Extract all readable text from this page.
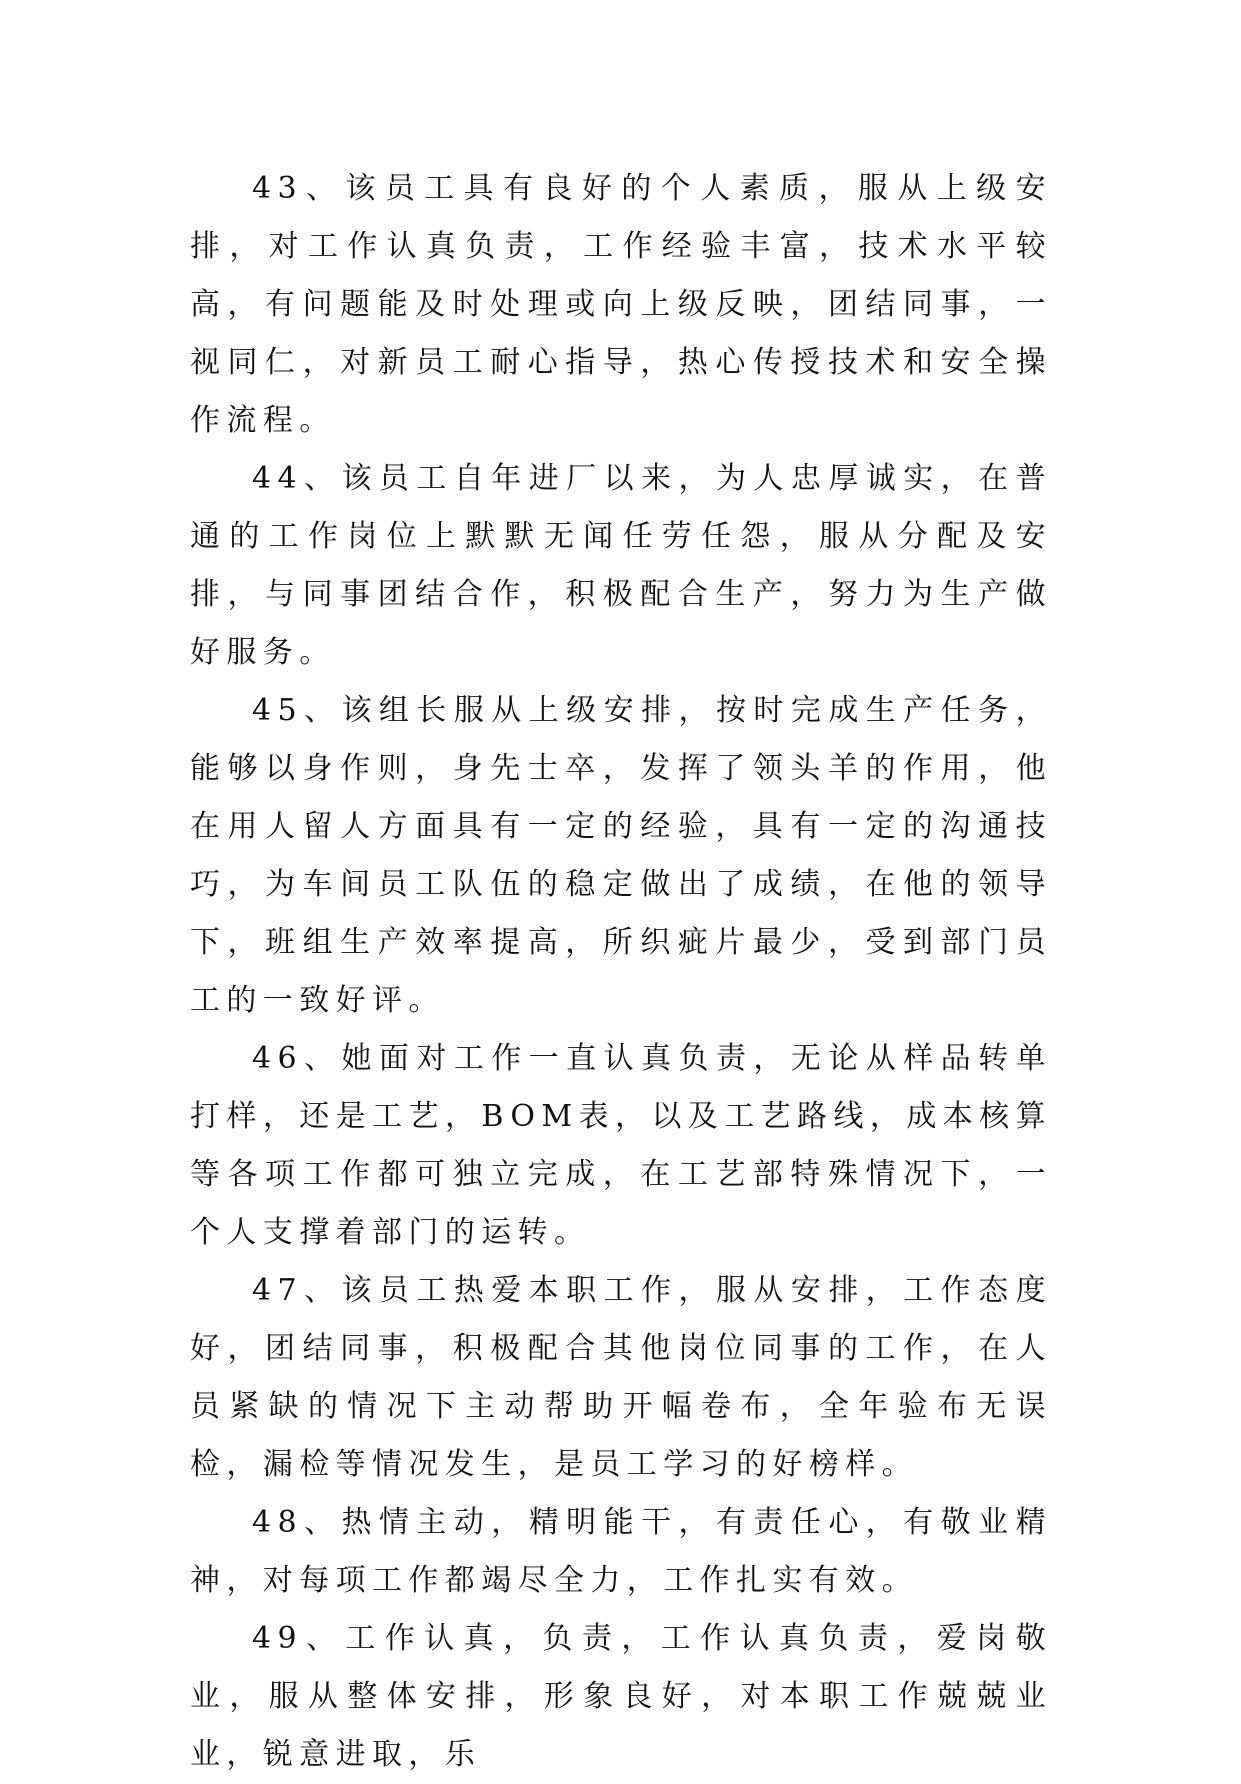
43、该员工具有良好的个人素质，服从上级安排，对工作认真负责，工作经验丰富，技术水平较高，有问题能及时处理或向上级反映，团结同事，一视同仁，对新员工耐心指导，热心传授技术和安全操作流程。

44、该员工自年进厂以来，为人忠厚诚实，在普通的工作岗位上默默无闻任劳任怨，服从分配及安排，与同事团结合作，积极配合生产，努力为生产做好服务。

45、该组长服从上级安排，按时完成生产任务，能够以身作则，身先士卒，发挥了领头羊的作用，他在用人留人方面具有一定的经验，具有一定的沟通技巧，为车间员工队伍的稳定做出了成绩，在他的领导下，班组生产效率提高，所织疵片最少，受到部门员工的一致好评。

46、她面对工作一直认真负责，无论从样品转单打样，还是工艺，BOM表，以及工艺路线，成本核算等各项工作都可独立完成，在工艺部特殊情况下，一个人支撑着部门的运转。

47、该员工热爱本职工作，服从安排，工作态度好，团结同事，积极配合其他岗位同事的工作，在人员紧缺的情况下主动帮助开幅卷布，全年验布无误检，漏检等情况发生，是员工学习的好榜样。

48、热情主动，精明能干，有责任心，有敬业精神，对每项工作都竭尽全力，工作扎实有效。

49、工作认真，负责，工作认真负责，爱岗敬业，服从整体安排，形象良好，对本职工作兢兢业业，锐意进取，乐
